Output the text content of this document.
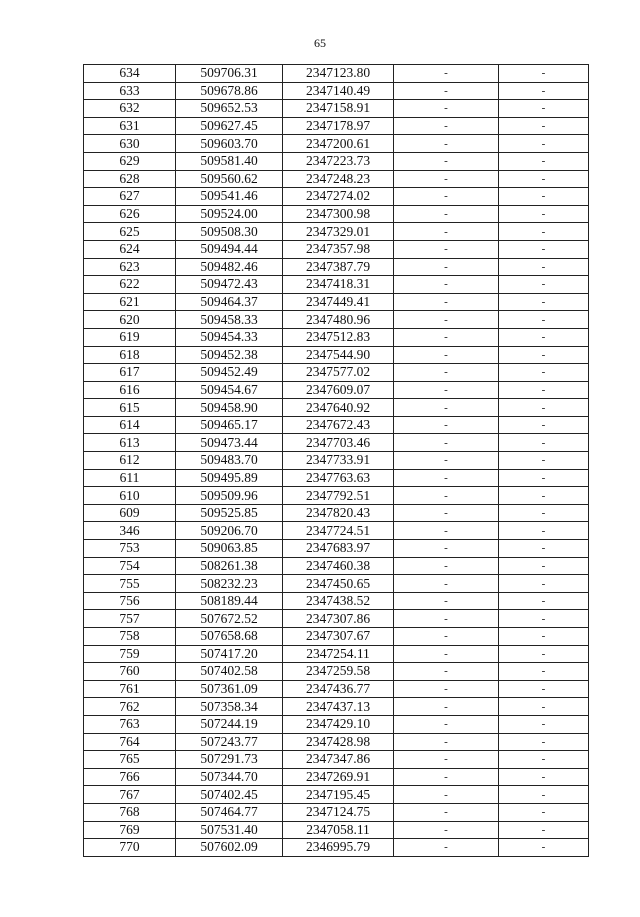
65
634	509706.31	2347123.80	-	-
633	509678.86	2347140.49	-	-
632	509652.53	2347158.91	-	-
631	509627.45	2347178.97	-	-
630	509603.70	2347200.61	-	-
629	509581.40	2347223.73	-	-
628	509560.62	2347248.23	-	-
627	509541.46	2347274.02	-	-
626	509524.00	2347300.98	-	-
625	509508.30	2347329.01	-	-
624	509494.44	2347357.98	-	-
623	509482.46	2347387.79	-	-
622	509472.43	2347418.31	-	-
621	509464.37	2347449.41	-	-
620	509458.33	2347480.96	-	-
619	509454.33	2347512.83	-	-
618	509452.38	2347544.90	-	-
617	509452.49	2347577.02	-	-
616	509454.67	2347609.07	-	-
615	509458.90	2347640.92	-	-
614	509465.17	2347672.43	-	-
613	509473.44	2347703.46	-	-
612	509483.70	2347733.91	-	-
611	509495.89	2347763.63	-	-
610	509509.96	2347792.51	-	-
609	509525.85	2347820.43	-	-
346	509206.70	2347724.51	-	-
753	509063.85	2347683.97	-	-
754	508261.38	2347460.38	-	-
755	508232.23	2347450.65	-	-
756	508189.44	2347438.52	-	-
757	507672.52	2347307.86	-	-
758	507658.68	2347307.67	-	-
759	507417.20	2347254.11	-	-
760	507402.58	2347259.58	-	-
761	507361.09	2347436.77	-	-
762	507358.34	2347437.13	-	-
763	507244.19	2347429.10	-	-
764	507243.77	2347428.98	-	-
765	507291.73	2347347.86	-	-
766	507344.70	2347269.91	-	-
767	507402.45	2347195.45	-	-
768	507464.77	2347124.75	-	-
769	507531.40	2347058.11	-	-
770	507602.09	2346995.79	-	-
